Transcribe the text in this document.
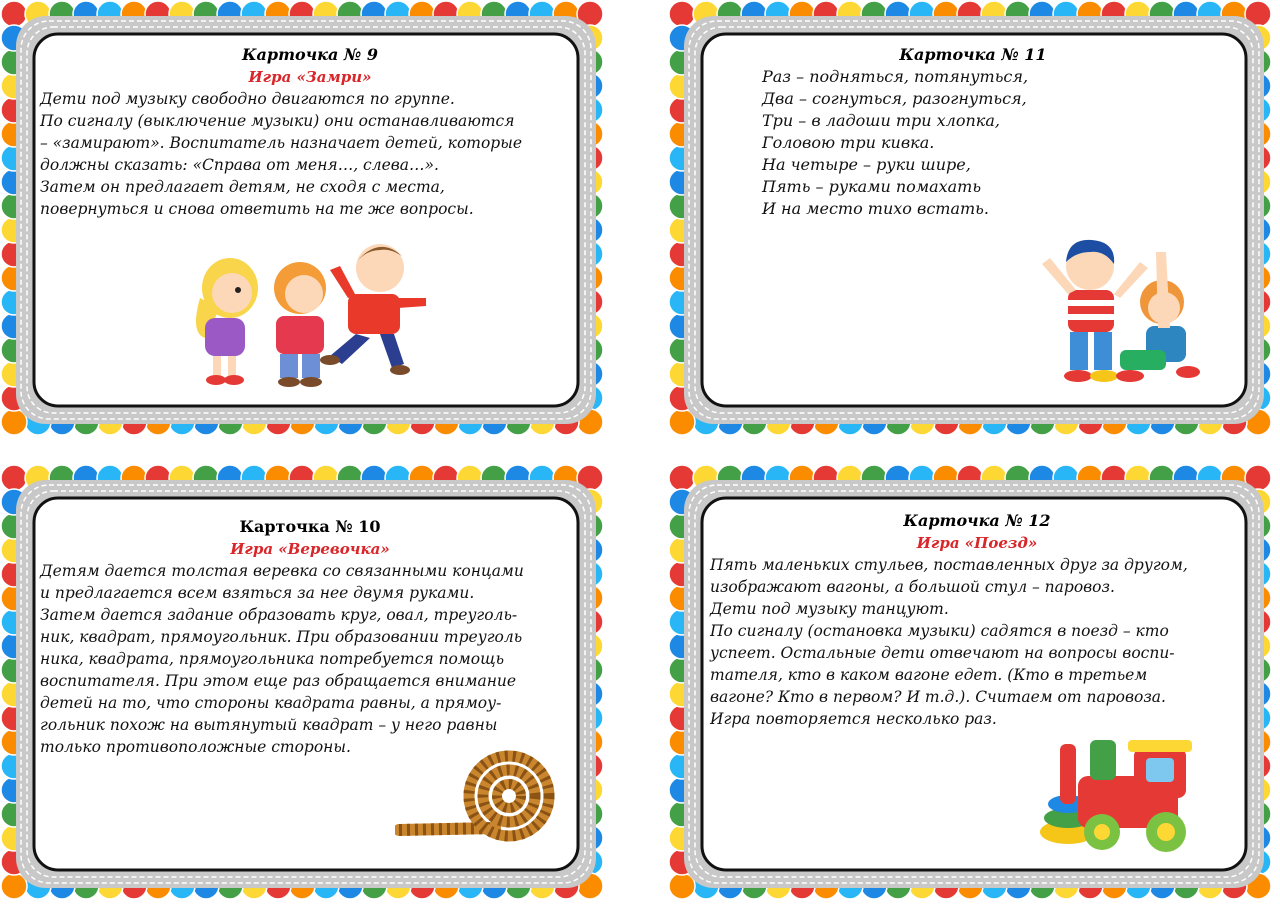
Карточка № 9

Игра «Замри»

Дети под музыку свободно двигаются по группе.
По сигналу (выключение музыки) они останавливаются
– «замирают». Воспитатель назначает детей, которые
должны сказать: «Справа от меня…, слева…».
Затем он предлагает детям, не сходя с места,
повернуться и снова ответить на те же вопросы.

Карточка № 11

Раз – подняться, потянуться,
Два – согнуться, разогнуться,
Три – в ладоши три хлопка,
Головою три кивка.
На четыре – руки шире,
Пять – руками помахать
И на место тихо встать.

Карточка № 10

Игра «Веревочка»

Детям дается толстая веревка со связанными концами
и предлагается всем взяться за нее двумя руками.
Затем дается задание образовать круг, овал, треуголь-
ник, квадрат, прямоугольник. При образовании треуголь
ника, квадрата, прямоугольника потребуется помощь
воспитателя. При этом еще раз обращается внимание
детей на то, что стороны квадрата равны, а прямоу-
гольник похож на вытянутый квадрат – у него равны
только противоположные стороны.

Карточка № 12

Игра «Поезд»

Пять маленьких стульев, поставленных друг за другом,
изображают вагоны, а большой стул – паровоз.
Дети под музыку танцуют.
По сигналу (остановка музыки) садятся в поезд – кто
успеет. Остальные дети отвечают на вопросы воспи-
тателя, кто в каком вагоне едет. (Кто в третьем
вагоне? Кто в первом? И т.д.). Считаем от паровоза.
Игра повторяется несколько раз.
